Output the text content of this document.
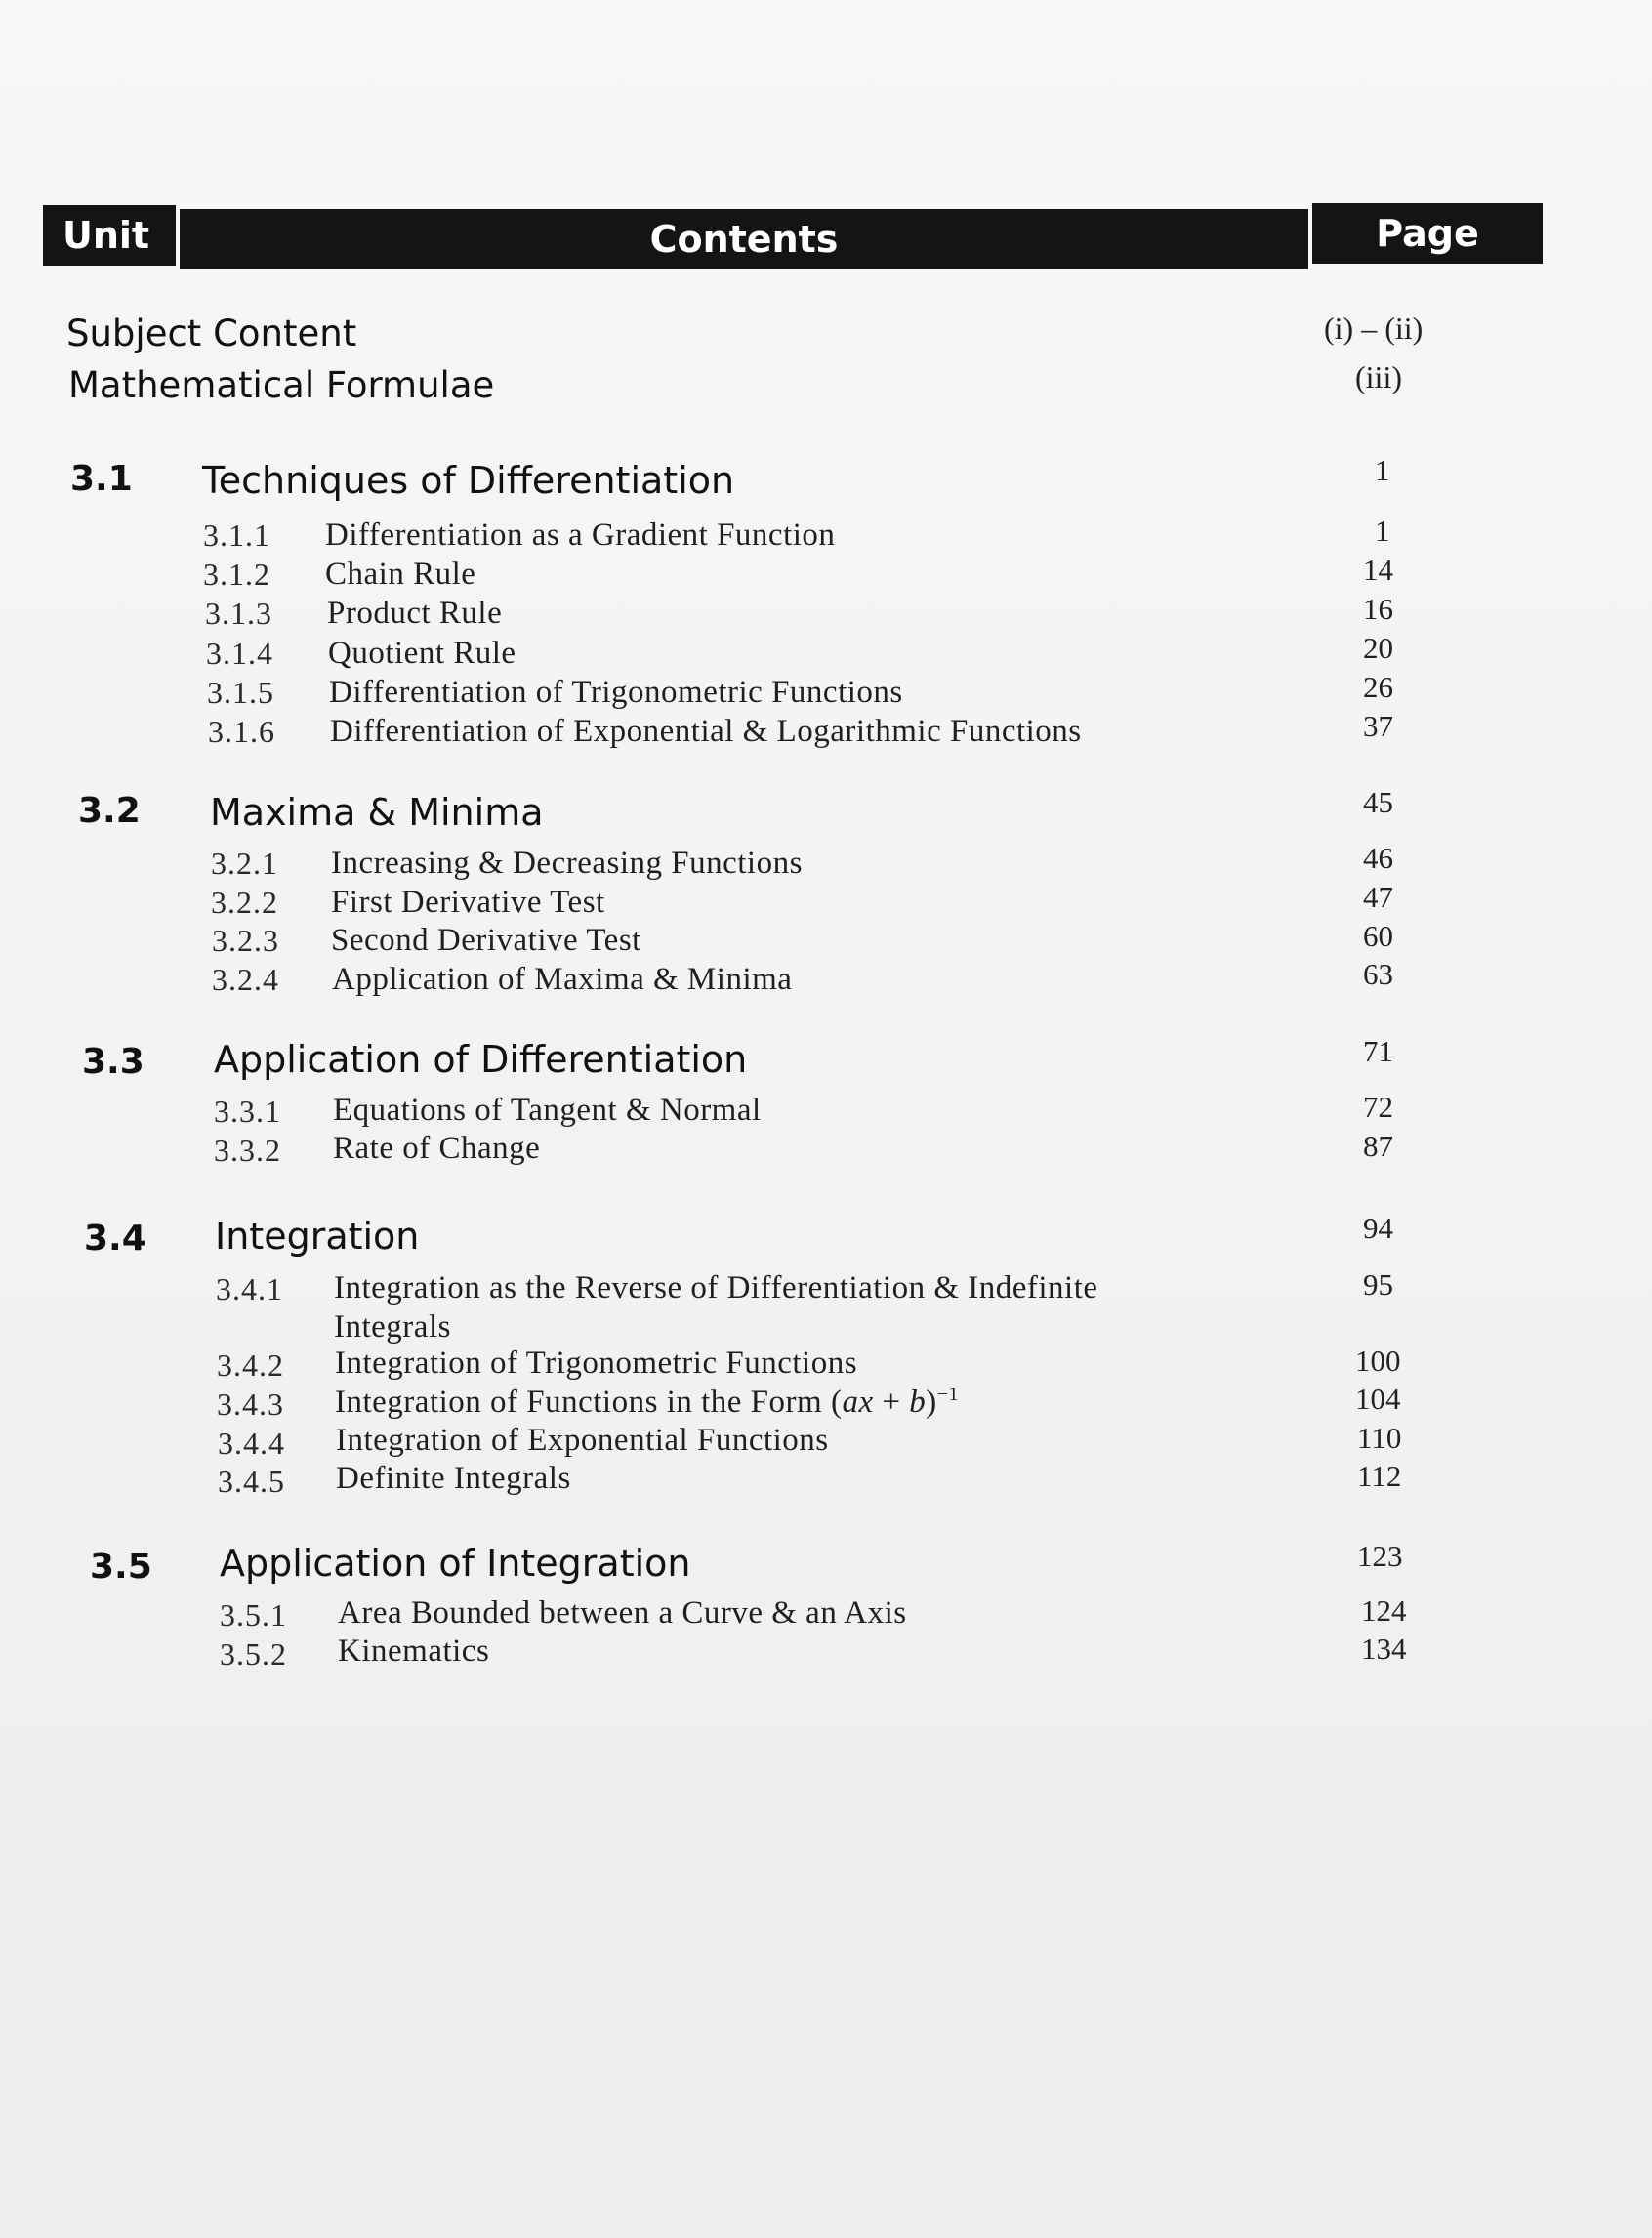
Unit	Contents	Page
Subject Content	(i) – (ii)
Mathematical Formulae	(iii)
3.1 Techniques of Differentiation	1
3.1.1 Differentiation as a Gradient Function	1
3.1.2 Chain Rule	14
3.1.3 Product Rule	16
3.1.4 Quotient Rule	20
3.1.5 Differentiation of Trigonometric Functions	26
3.1.6 Differentiation of Exponential & Logarithmic Functions	37
3.2 Maxima & Minima	45
3.2.1 Increasing & Decreasing Functions	46
3.2.2 First Derivative Test	47
3.2.3 Second Derivative Test	60
3.2.4 Application of Maxima & Minima	63
3.3 Application of Differentiation	71
3.3.1 Equations of Tangent & Normal	72
3.3.2 Rate of Change	87
3.4 Integration	94
3.4.1 Integration as the Reverse of Differentiation & Indefinite	95
Integrals
3.4.2 Integration of Trigonometric Functions	100
3.4.3 Integration of Functions in the Form (ax + b)$^{-1}$	104
3.4.4 Integration of Exponential Functions	110
3.4.5 Definite Integrals	112
3.5 Application of Integration	123
3.5.1 Area Bounded between a Curve & an Axis	124
3.5.2 Kinematics	134
